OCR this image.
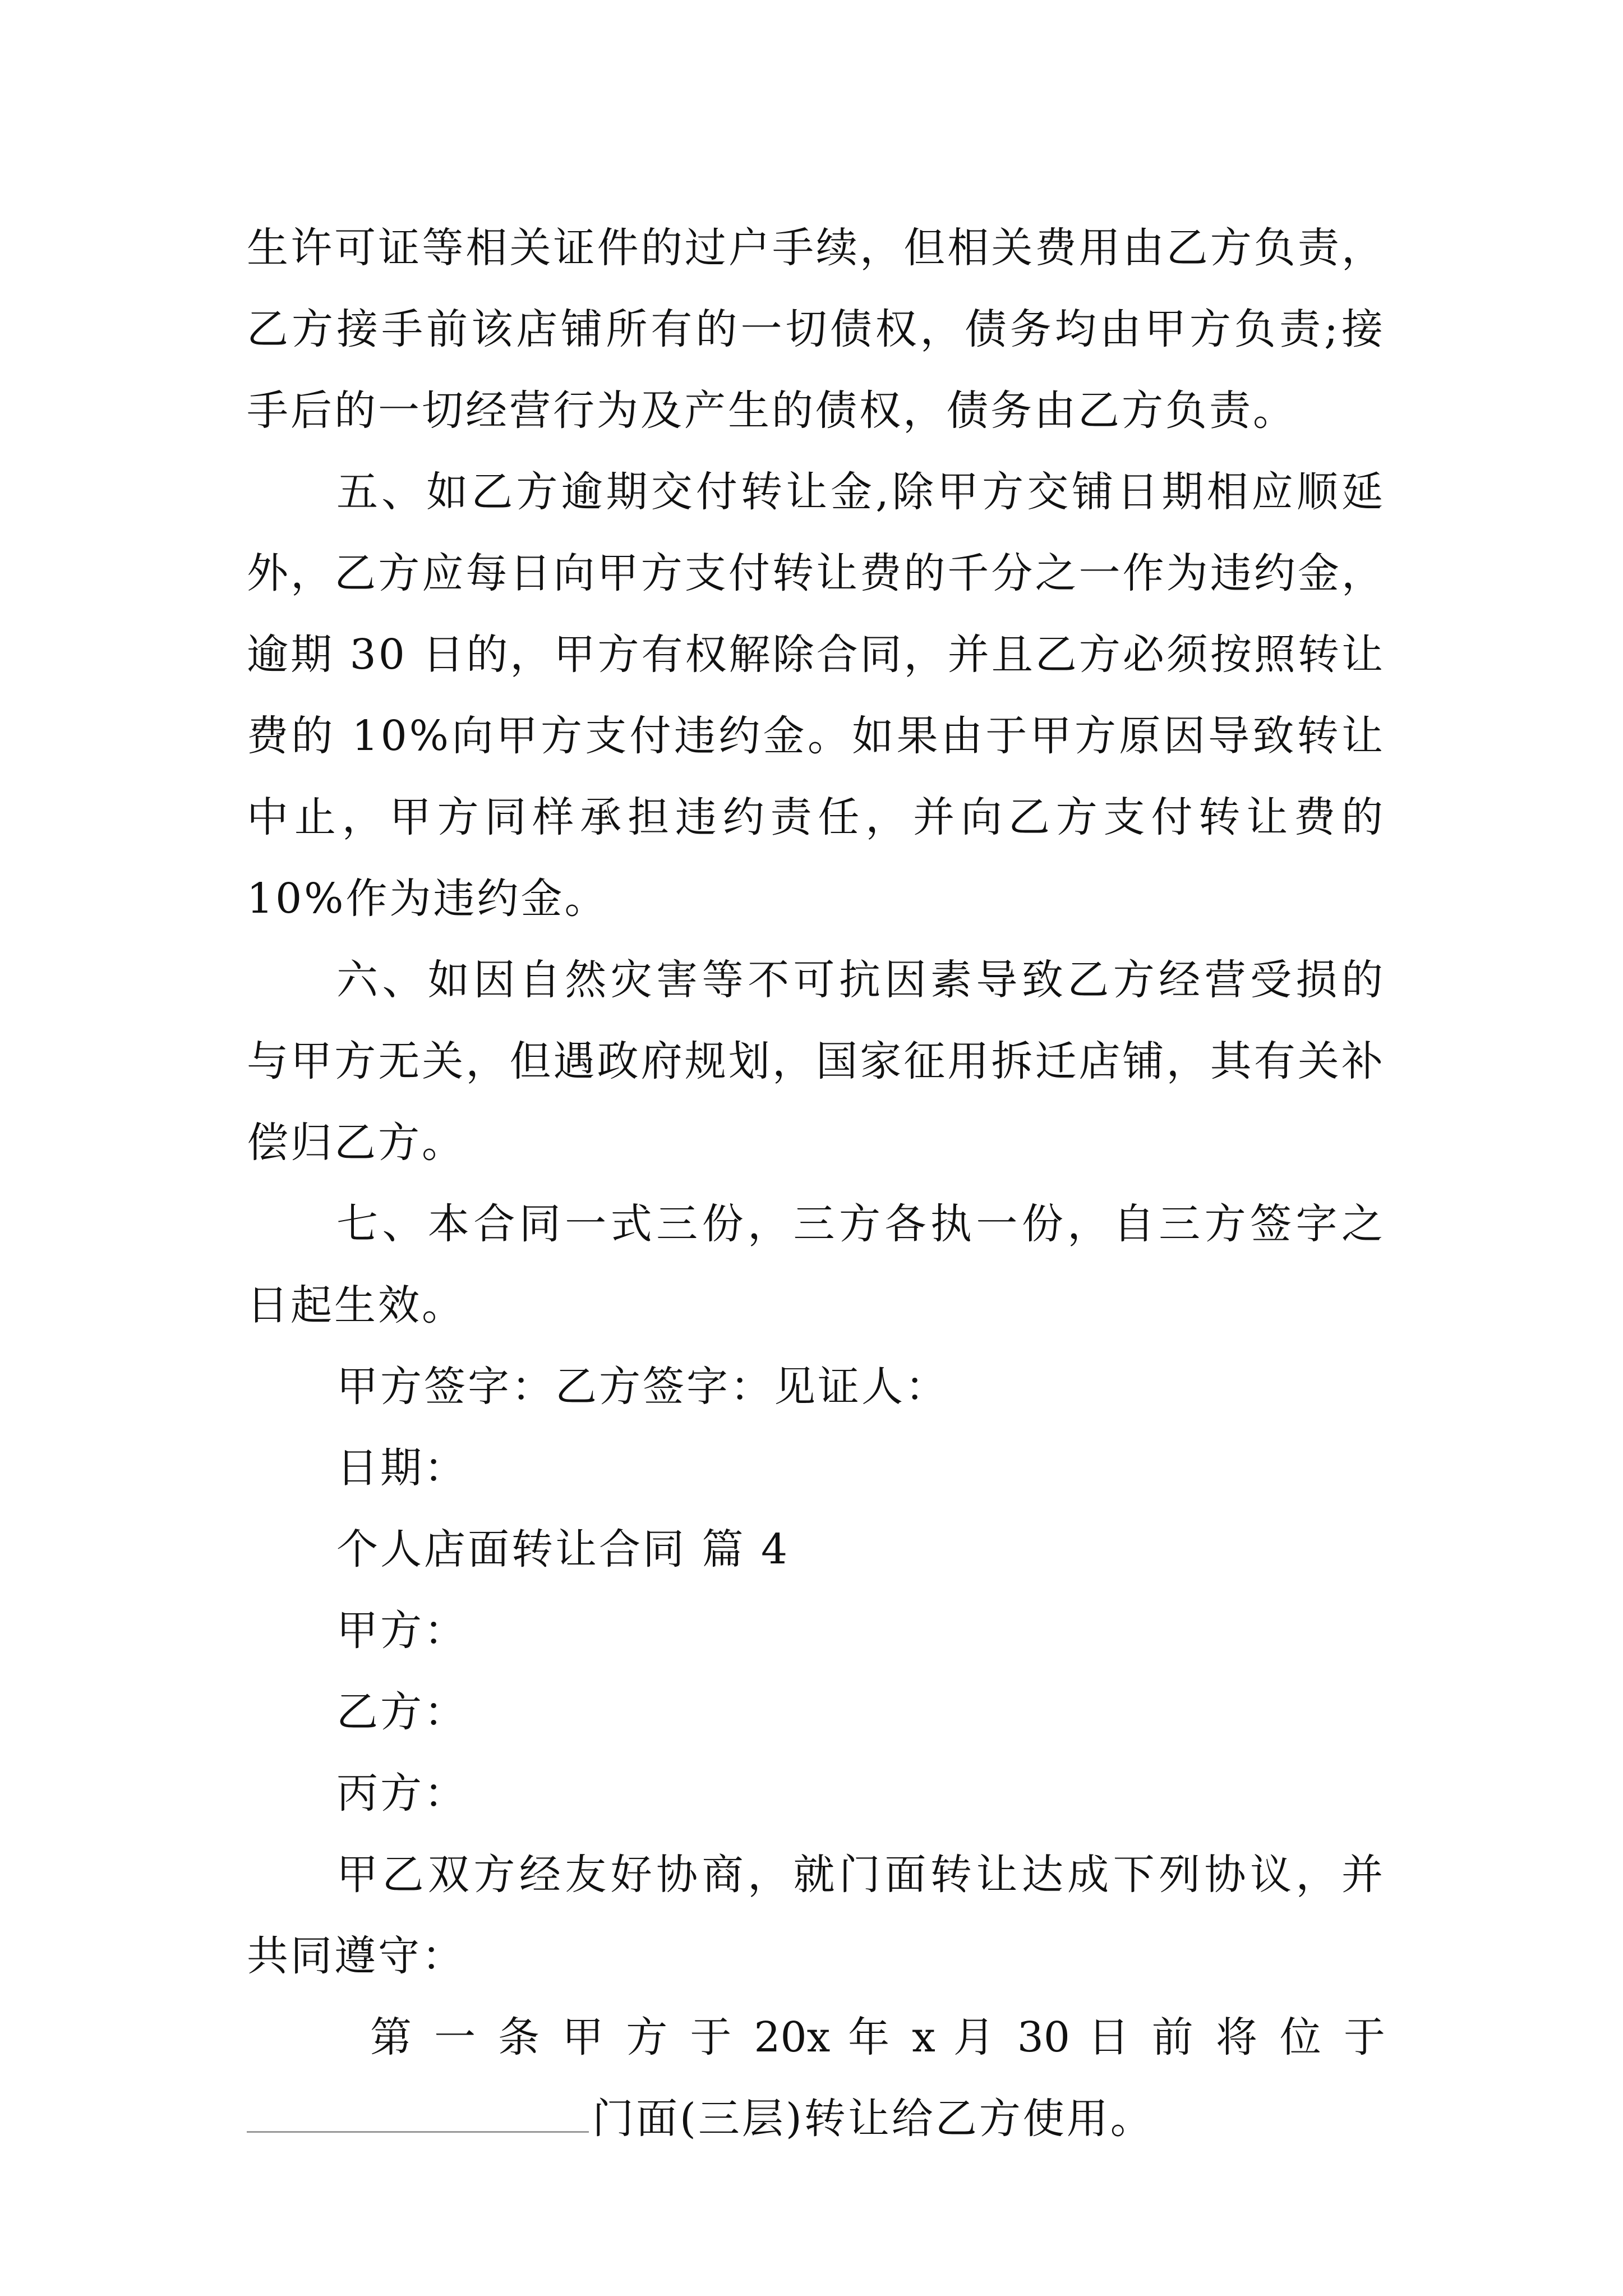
生许可证等相关证件的过户手续，但相关费用由乙方负责，乙方接手前该店铺所有的一切债权，债务均由甲方负责;接手后的一切经营行为及产生的债权，债务由乙方负责。

五、如乙方逾期交付转让金,除甲方交铺日期相应顺延外，乙方应每日向甲方支付转让费的千分之一作为违约金，逾期 30 日的，甲方有权解除合同，并且乙方必须按照转让费的 10%向甲方支付违约金。如果由于甲方原因导致转让中止，甲方同样承担违约责任，并向乙方支付转让费的 10%作为违约金。

六、如因自然灾害等不可抗因素导致乙方经营受损的与甲方无关，但遇政府规划，国家征用拆迁店铺，其有关补偿归乙方。

七、本合同一式三份，三方各执一份，自三方签字之日起生效。

甲方签字：乙方签字：见证人：

日期：

个人店面转让合同 篇 4

甲方：

乙方：

丙方：

甲乙双方经友好协商，就门面转让达成下列协议，并共同遵守：

第 一 条 甲 方 于 20x 年 x 月 30 日 前 将 位 于

门面(三层)转让给乙方使用。
